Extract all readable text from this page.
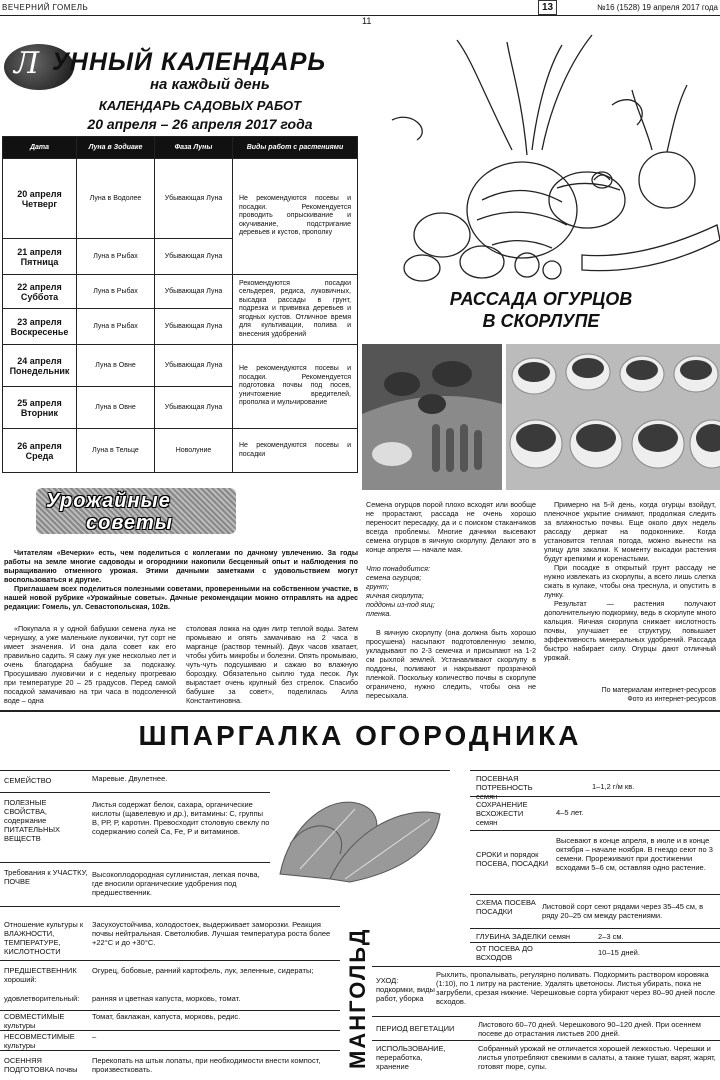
ВЕЧЕРНИЙ ГОМЕЛЬ
11
13	№16 (1528) 19 апреля 2017 года
Л УННЫЙ КАЛЕНДАРЬ
на каждый день
КАЛЕНДАРЬ САДОВЫХ РАБОТ
20 апреля – 26 апреля 2017 года
Дата	Луна в Зодиаке	Фаза Луны	Виды работ с растениями

20 апреля
Четверг	Луна в Водолее	Убывающая Луна	Не рекомендуются посевы и посадки. Рекомендуется проводить опрыскивание и окучивание, подстригание деревьев и кустов, прополку

21 апреля
Пятница	Луна в Рыбах	Убывающая Луна	

22 апреля
Суббота	Луна в Рыбах	Убывающая Луна	Рекомендуются посадки сельдерея, редиса, луковичных, высадка рассады в грунт, подрезка и прививка деревьев и ягодных кустов. Отличное время для культивации, полива и внесения удобрений

23 апреля
Воскресенье	Луна в Рыбах	Убывающая Луна	

24 апреля
Понедельник	Луна в Овне	Убывающая Луна	Не рекомендуются посевы и посадки. Рекомендуется подготовка почвы под посев, уничтожение вредителей, прополка и мульчирование

25 апреля
Вторник	Луна в Овне	Убывающая Луна	

26 апреля
Среда	Луна в Тельце	Новолуние	Не рекомендуются посевы и посадки
РАССАДА ОГУРЦОВ
В СКОРЛУПЕ

Семена огурцов порой плохо всходят или вообще не прорастают, рассада не очень хорошо переносит пересадку, да и с поиском стаканчиков всегда проблемы. Многие дачники высевают семена огурцов в яичную скорлупу. Делают это в конце апреля — начале мая.

Что понадобится:

семена огурцов;

грунт;

яичная скорлупа;

поддоны из-под яиц;

пленка.

В яичную скорлупу (она должна быть хорошо просушена) насыпают подготовленную землю, укладывают по 2-3 семечка и присыпают на 1-2 см рыхлой землей. Устанавливают скорлупу в поддоны, поливают и накрывают прозрачной пленкой. Поскольку количество почвы в скорлупе ограничено, нужно следить, чтобы она не пересыхала.

Примерно на 5-й день, когда огурцы взойдут, пленочное укрытие снимают, продолжая следить за влажностью почвы. Еще около двух недель рассаду держат на подоконнике. Когда установится теплая погода, можно вынести на улицу для закалки. К моменту высадки растения будут крепкими и коренастыми.

При посадке в открытый грунт рассаду не нужно извлекать из скорлупы, а всего лишь слегка сжать в кулаке, чтобы она треснула, и опустить в лунку.

Результат — растения получают дополнительную подкормку, ведь в скорлупе много кальция. Яичная скорлупа снижает кислотность почвы, улучшает ее структуру, повышает эффективность минеральных удобрений. Рассада быстро набирает силу. Огурцы дают отличный урожай.

По материалам интернет-ресурсов
Фото из интернет-ресурсов
Урожайные
советы

Читателям «Вечерки» есть, чем поделиться с коллегами по дачному увлечению. За годы работы на земле многие садоводы и огородники накопили бесценный опыт и наблюдения по выращиванию отменного урожая. Этими дачными заметками с удовольствием могут воспользоваться и другие.

Приглашаем всех поделиться полезными советами, проверенными на собственном участке, в нашей новой рубрике «Урожайные советы». Дачные рекомендации можно отправлять на адрес редакции: Гомель, ул. Севастопольская, 102в.

«Покупала я у одной бабушки семена лука не чернушку, а уже маленькие луковички, тут сорт не имеет значения. И она дала совет как его правильно садить. Я сажу лук уже несколько лет и очень благодарна бабушке за подсказку. Просушиваю луковички и с недельку прогреваю при температуре 20 – 25 градусов. Перед самой посадкой замачиваю на три часа в подсоленной воде – одна

столовая ложка на один литр теплой воды. Затем промываю и опять замачиваю на 2 часа в марганце (раствор темный). Двух часов хватает, чтобы убить микробы и болезни. Опять промываю, чуть-чуть подсушиваю и сажаю во влажную бороздку. Обязательно сыплю туда песок. Лук вырастает очень крупный без стрелок. Спасибо бабушке за совет», поделилась Алла Константиновна.

ШПАРГАЛКА ОГОРОДНИКА
СЕМЕЙСТВО	Маревые. Двулетнее.
ПОЛЕЗНЫЕ СВОЙСТВА, содержание ПИТАТЕЛЬНЫХ ВЕЩЕСТВ
Листья содержат белок, сахара, органические кислоты (щавелевую и др.), витамины: С, группы В, РР, Р, каротин. Превосходит столовую свеклу по содержанию солей Са, Fe, Р и витаминов.
Требования к УЧАСТКУ, ПОЧВЕ
Высокоплодородная суглинистая, легкая почва, где вносили органические удобрения под предшественник.
Отношение культуры к ВЛАЖНОСТИ, ТЕМПЕРАТУРЕ, КИСЛОТНОСТИ
Засухоустойчива, холодостоек, выдерживает заморозки. Реакция почвы нейтральная. Светолюбив. Лучшая температура роста более +22°С и до +30°С.
ПРЕДШЕСТВЕННИК хороший:
Огурец, бобовые, ранний картофель, лук, зеленные, сидераты;
удовлетворительный:	ранняя и цветная капуста, морковь, томат.
СОВМЕСТИМЫЕ культуры
Томат, баклажан, капуста, морковь, редис.
НЕСОВМЕСТИМЫЕ культуры
–
ОСЕННЯЯ ПОДГОТОВКА почвы
Перекопать на штык лопаты, при необходимости внести компост, произвестковать.
МАНГОЛЬД
ПОСЕВНАЯ ПОТРЕБНОСТЬ семян
1–1,2 г/м кв.
СОХРАНЕНИЕ ВСХОЖЕСТИ семян
4–5 лет.
СРОКИ и порядок ПОСЕВА, ПОСАДКИ
Высевают в конце апреля, в июле и в конце октября – начале ноября. В гнездо сеют по 3 семени. Прореживают при достижении всходами 5–6 см, оставляя одно растение.
СХЕМА ПОСЕВА ПОСАДКИ
Листовой сорт сеют рядами через 35–45 см, в ряду 20–25 см между растениями.
ГЛУБИНА ЗАДЕЛКИ семян	2–3 см.
ОТ ПОСЕВА ДО ВСХОДОВ
10–15 дней.
УХОД: подкормки, виды работ, уборка
Рыхлить, пропалывать, регулярно поливать. Подкормить раствором коровяка (1:10), по 1 литру на растение. Удалять цветоносы. Листья убирать, пока не загрубели, срезая нижние. Черешковые сорта убирают через 80–90 дней после всходов.
ПЕРИОД ВЕГЕТАЦИИ	Листового 60–70 дней. Черешкового 90–120 дней. При осеннем посеве до отрастания листьев 200 дней.
ИСПОЛЬЗОВАНИЕ, переработка, хранение
Собранный урожай не отличается хорошей лежкостью. Черешки и листья употребляют свежими в салаты, а также тушат, варят, жарят, готовят пюре, супы.
